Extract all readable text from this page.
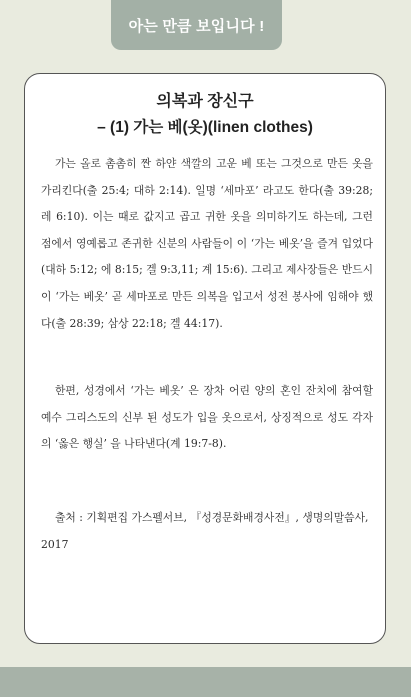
아는 만큼 보입니다 !
의복과 장신구
– (1) 가는 베(옷)(linen clothes)

가는 올로 촘촘히 짠 하얀 색깔의 고운 베 또는 그것으로 만든 옷을 가리킨다(출 25:4; 대하 2:14). 일명 ‘세마포’ 라고도 한다(출 39:28; 레 6:10). 이는 때로 값지고 곱고 귀한 옷을 의미하기도 하는데, 그런 점에서 영예롭고 존귀한 신분의 사람들이 이 ‘가는 베옷’을 즐겨 입었다(대하 5:12; 에 8:15; 겔 9:3,11; 계 15:6). 그리고 제사장들은 반드시 이 ‘가는 베옷’ 곧 세마포로 만든 의복을 입고서 성전 봉사에 임해야 했다(출 28:39; 삼상 22:18; 겔 44:17).

한편, 성경에서 ‘가는 베옷’ 은 장차 어린 양의 혼인 잔치에 참여할 예수 그리스도의 신부 된 성도가 입을 옷으로서, 상징적으로 성도 각자의 ‘옳은 행실’ 을 나타낸다(계 19:7-8).

출처 : 기획편집 가스펠서브, 『성경문화배경사전』, 생명의말씀사, 2017
